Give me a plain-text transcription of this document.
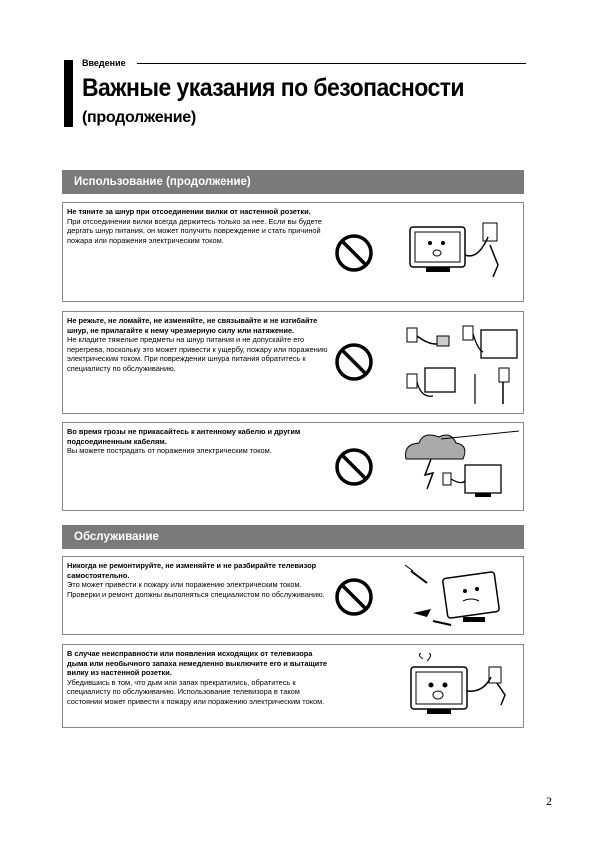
Введение
Важные указания по безопасности
(продолжение)
Использование (продолжение)
Не тяните за шнур при отсоединении вилки от настенной розетки.
При отсоединении вилки всегда держитесь только за нее. Если вы будете дергать шнур питания, он может получить повреждение и стать причиной пожара или поражения электрическим током.
Не режьте, не ломайте, не изменяйте, не связывайте и не изгибайте шнур, не прилагайте к нему чрезмерную силу или натяжение.
Не кладите тяжелые предметы на шнур питания и не допускайте его перегрева, поскольку это может привести к ущербу, пожару или поражению электрическим током. При повреждении шнура питания обратитесь к специалисту по обслуживанию.
Во время грозы не прикасайтесь к антенному кабелю и другим подсоединенным кабелям.
Вы можете пострадать от поражения электрическим током.
Обслуживание
Никогда не ремонтируйте, не изменяйте и не разбирайте телевизор самостоятельно.
Это может привести к пожару или поражению электрическим током. Проверки и ремонт должны выполняться специалистом по обслуживанию.
В случае неисправности или появления исходящих от телевизора дыма или необычного запаха немедленно выключите его и вытащите вилку из настенной розетки.
Убедившись в том, что дым или запах прекратились, обратитесь к специалисту по обслуживанию. Использование телевизора в таком состоянии может привести к пожару или поражению электрическим током.
2
